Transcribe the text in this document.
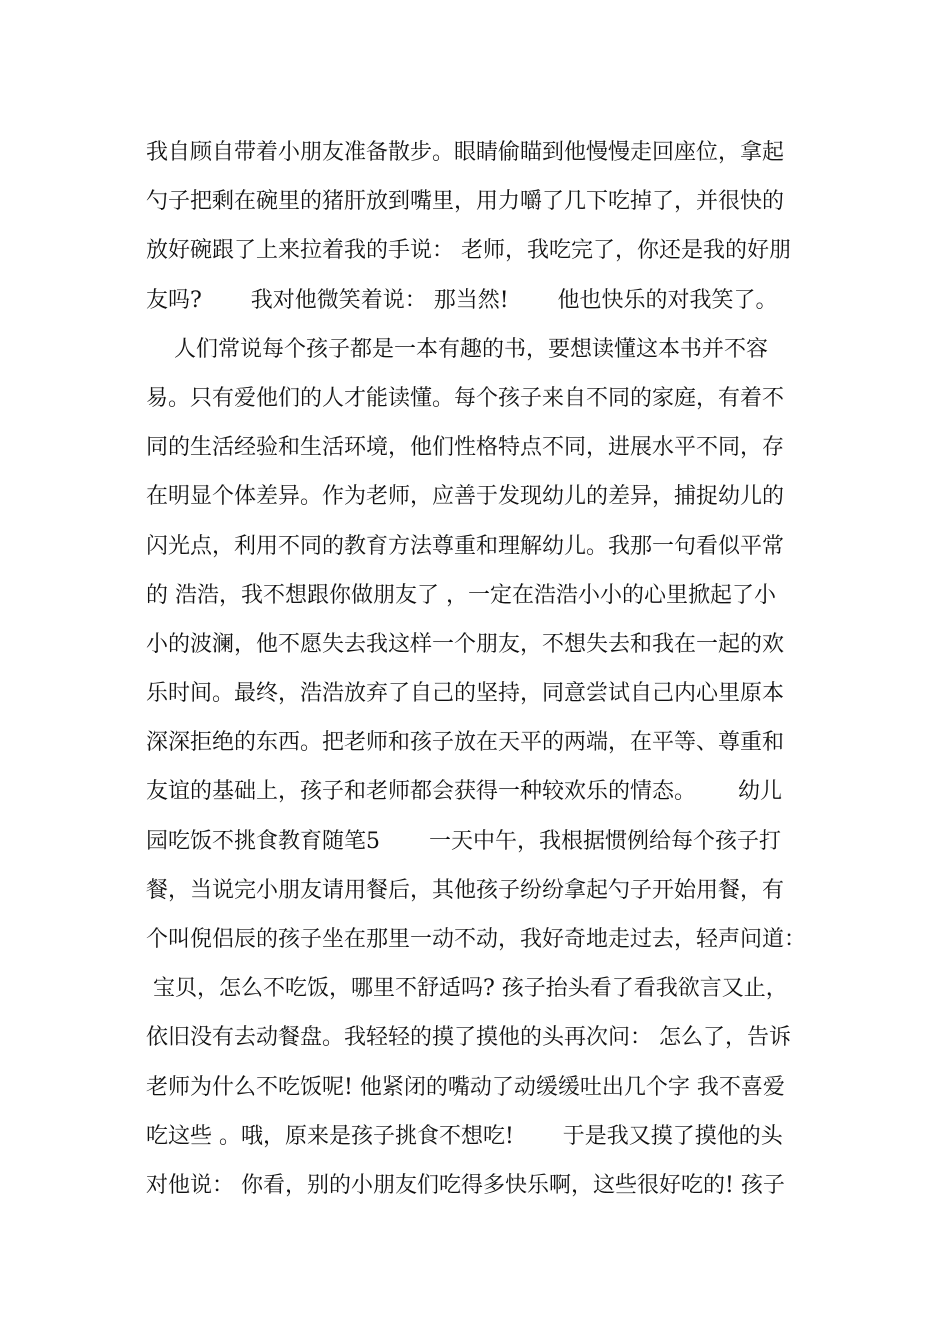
我自顾自带着小朋友准备散步。眼睛偷瞄到他慢慢走回座位，拿起
勺子把剩在碗里的猪肝放到嘴里，用力嚼了几下吃掉了，并很快的
放好碗跟了上来拉着我的手说： 老师，我吃完了，你还是我的好朋
友吗?       我对他微笑着说： 那当然!       他也快乐的对我笑了。
人们常说每个孩子都是一本有趣的书，要想读懂这本书并不容
易。只有爱他们的人才能读懂。每个孩子来自不同的家庭，有着不
同的生活经验和生活环境，他们性格特点不同，进展水平不同，存
在明显个体差异。作为老师，应善于发现幼儿的差异，捕捉幼儿的
闪光点，利用不同的教育方法尊重和理解幼儿。我那一句看似平常
的 浩浩，我不想跟你做朋友了 ，一定在浩浩小小的心里掀起了小
小的波澜，他不愿失去我这样一个朋友，不想失去和我在一起的欢
乐时间。最终，浩浩放弃了自己的坚持，同意尝试自己内心里原本
深深拒绝的东西。把老师和孩子放在天平的两端，在平等、尊重和
友谊的基础上，孩子和老师都会获得一种较欢乐的情态。      幼儿
园吃饭不挑食教育随笔5       一天中午，我根据惯例给每个孩子打
餐，当说完小朋友请用餐后，其他孩子纷纷拿起勺子开始用餐，有
个叫倪侣辰的孩子坐在那里一动不动，我好奇地走过去，轻声问道：
宝贝，怎么不吃饭，哪里不舒适吗? 孩子抬头看了看我欲言又止，
依旧没有去动餐盘。我轻轻的摸了摸他的头再次问： 怎么了，告诉
老师为什么不吃饭呢! 他紧闭的嘴动了动缓缓吐出几个字 我不喜爱
吃这些 。哦，原来是孩子挑食不想吃!       于是我又摸了摸他的头
对他说： 你看，别的小朋友们吃得多快乐啊，这些很好吃的! 孩子
